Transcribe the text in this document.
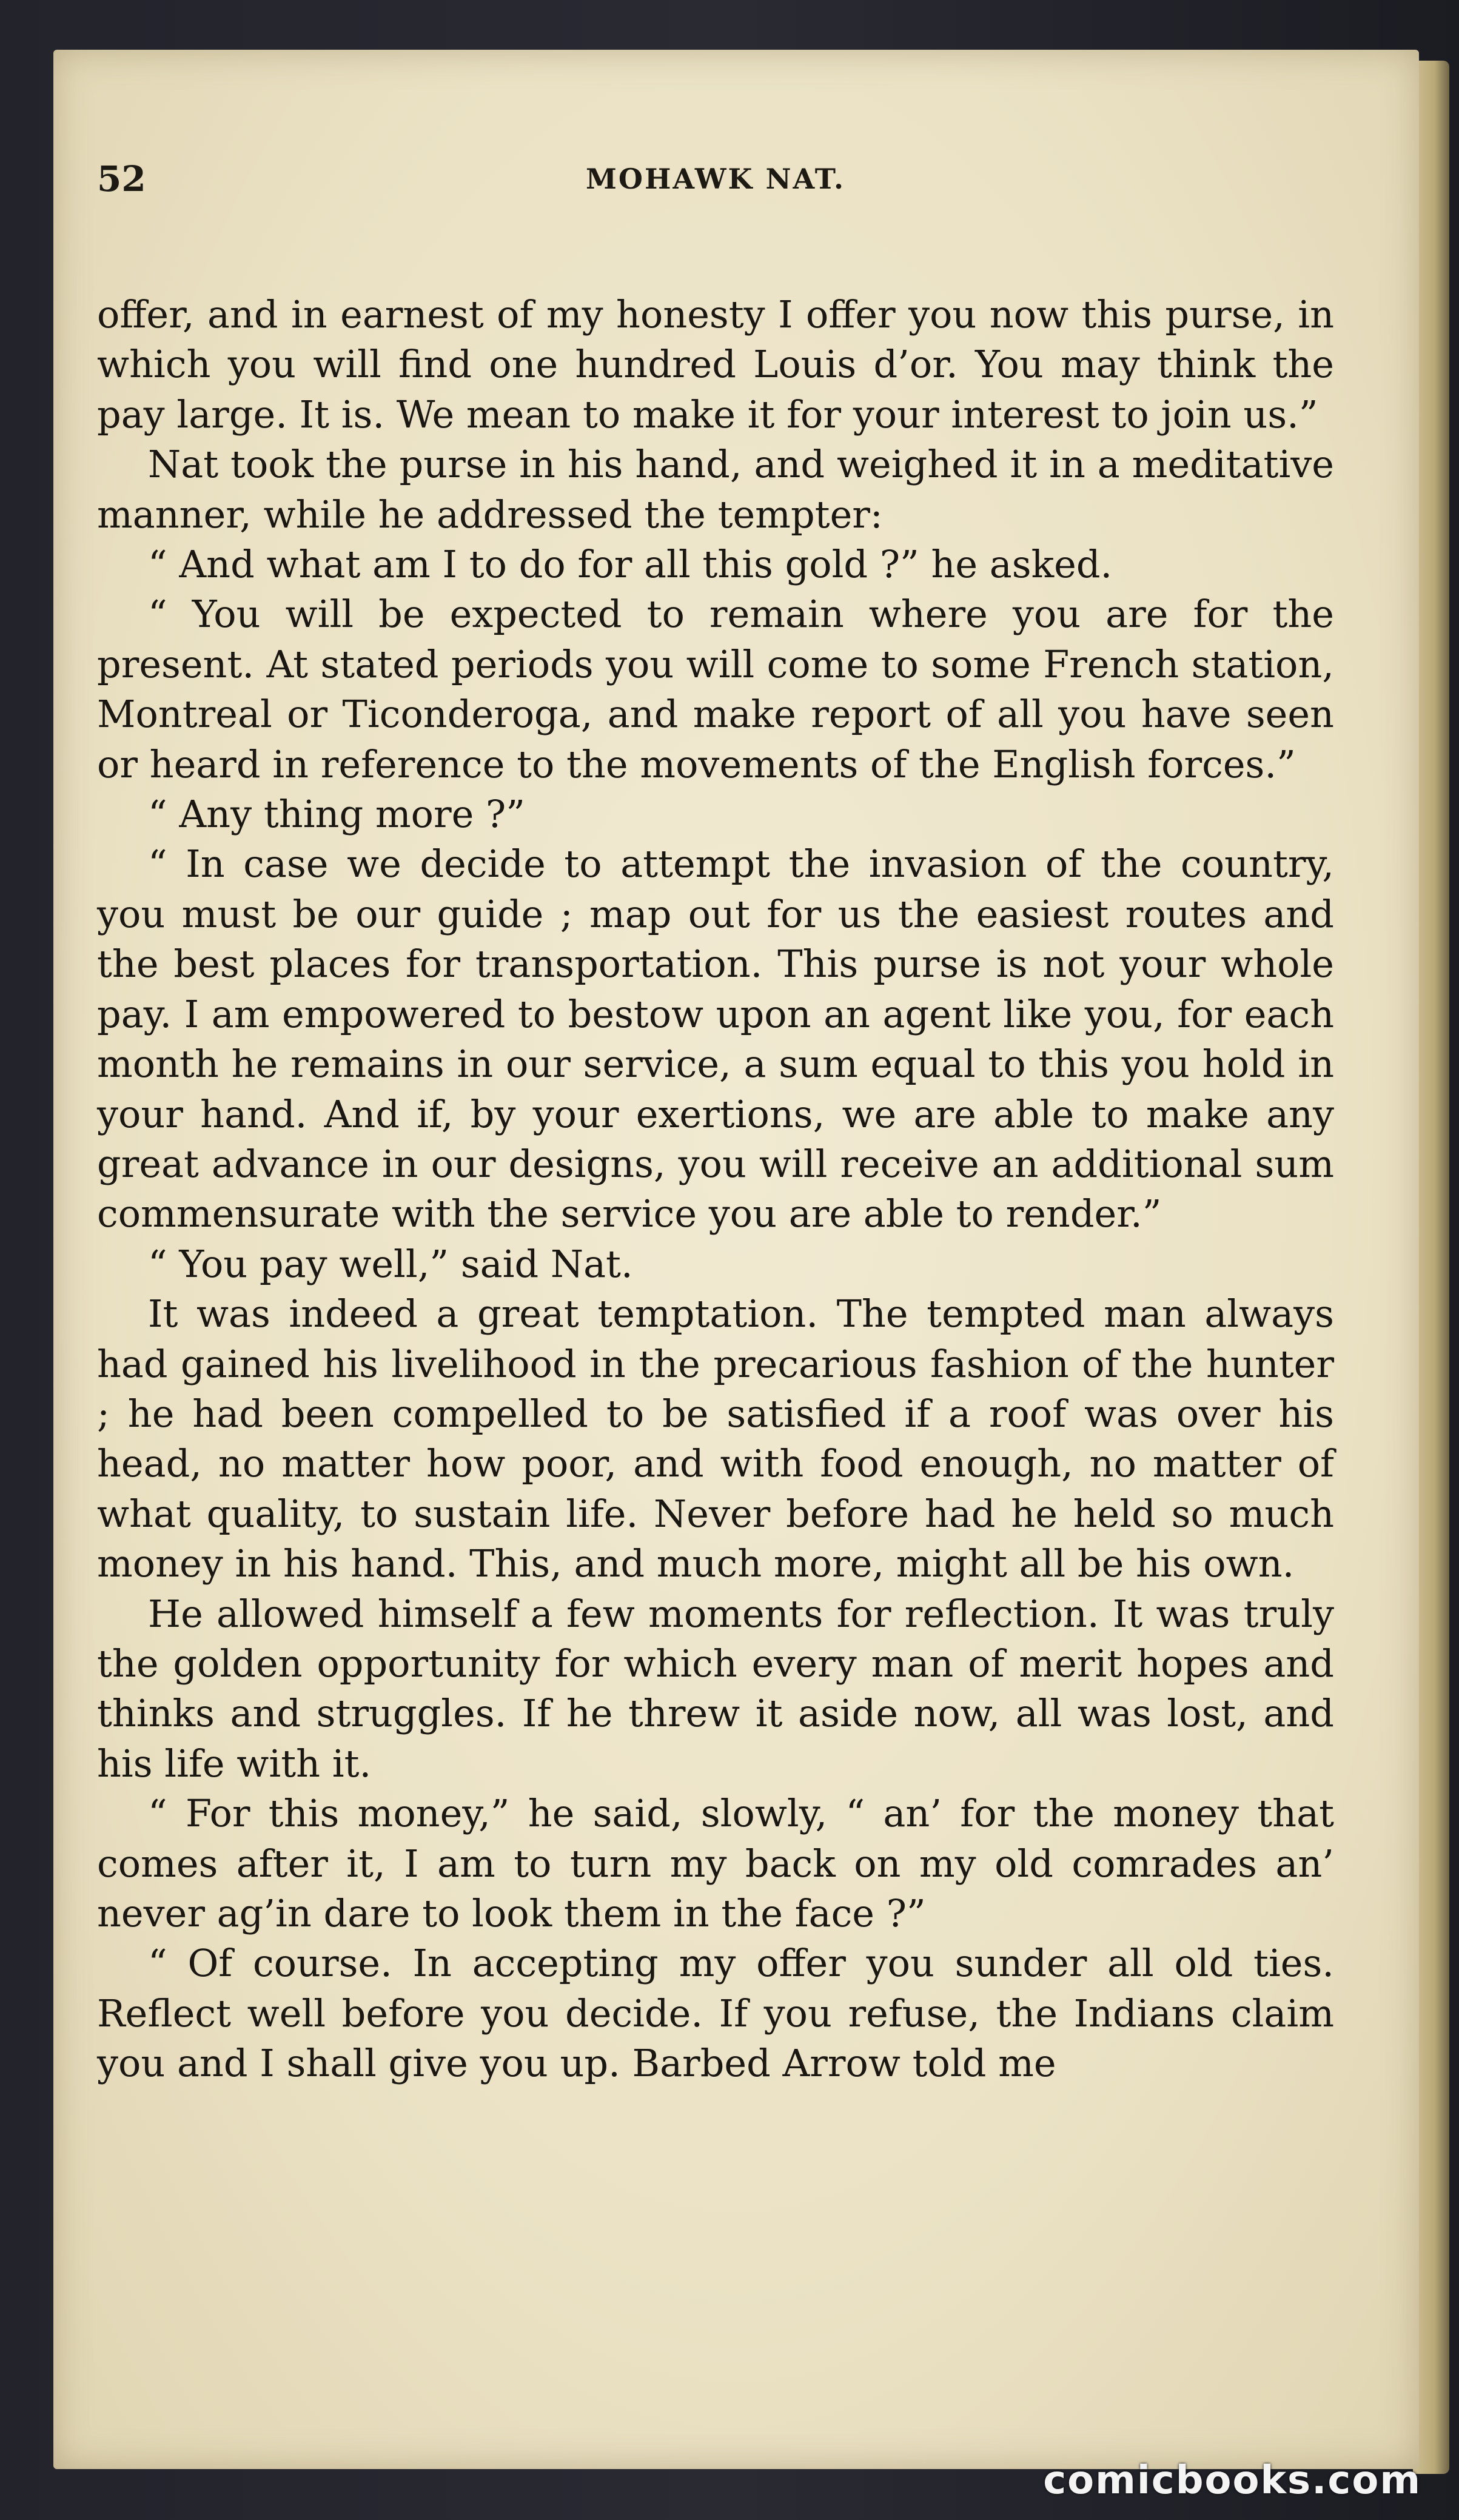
52	MOHAWK NAT.

offer, and in earnest of my honesty I offer you now this purse, in which you will find one hundred Louis d’or. You may think the pay large. It is. We mean to make it for your interest to join us.”

Nat took the purse in his hand, and weighed it in a meditative manner, while he addressed the tempter:

“ And what am I to do for all this gold ?” he asked.

“ You will be expected to remain where you are for the present. At stated periods you will come to some French station, Montreal or Ticonderoga, and make report of all you have seen or heard in reference to the movements of the English forces.”

“ Any thing more ?”

“ In case we decide to attempt the invasion of the country, you must be our guide ; map out for us the easiest routes and the best places for transportation. This purse is not your whole pay. I am empowered to bestow upon an agent like you, for each month he remains in our service, a sum equal to this you hold in your hand. And if, by your exertions, we are able to make any great advance in our designs, you will receive an additional sum commensurate with the service you are able to render.”

“ You pay well,” said Nat.

It was indeed a great temptation. The tempted man always had gained his livelihood in the precarious fashion of the hunter ; he had been compelled to be satisfied if a roof was over his head, no matter how poor, and with food enough, no matter of what quality, to sustain life. Never before had he held so much money in his hand. This, and much more, might all be his own.

He allowed himself a few moments for reflection. It was truly the golden opportunity for which every man of merit hopes and thinks and struggles. If he threw it aside now, all was lost, and his life with it.

“ For this money,” he said, slowly, “ an’ for the money that comes after it, I am to turn my back on my old comrades an’ never ag’in dare to look them in the face ?”

“ Of course. In accepting my offer you sunder all old ties. Reflect well before you decide. If you refuse, the Indians claim you and I shall give you up. Barbed Arrow told me

comicbooks.com
